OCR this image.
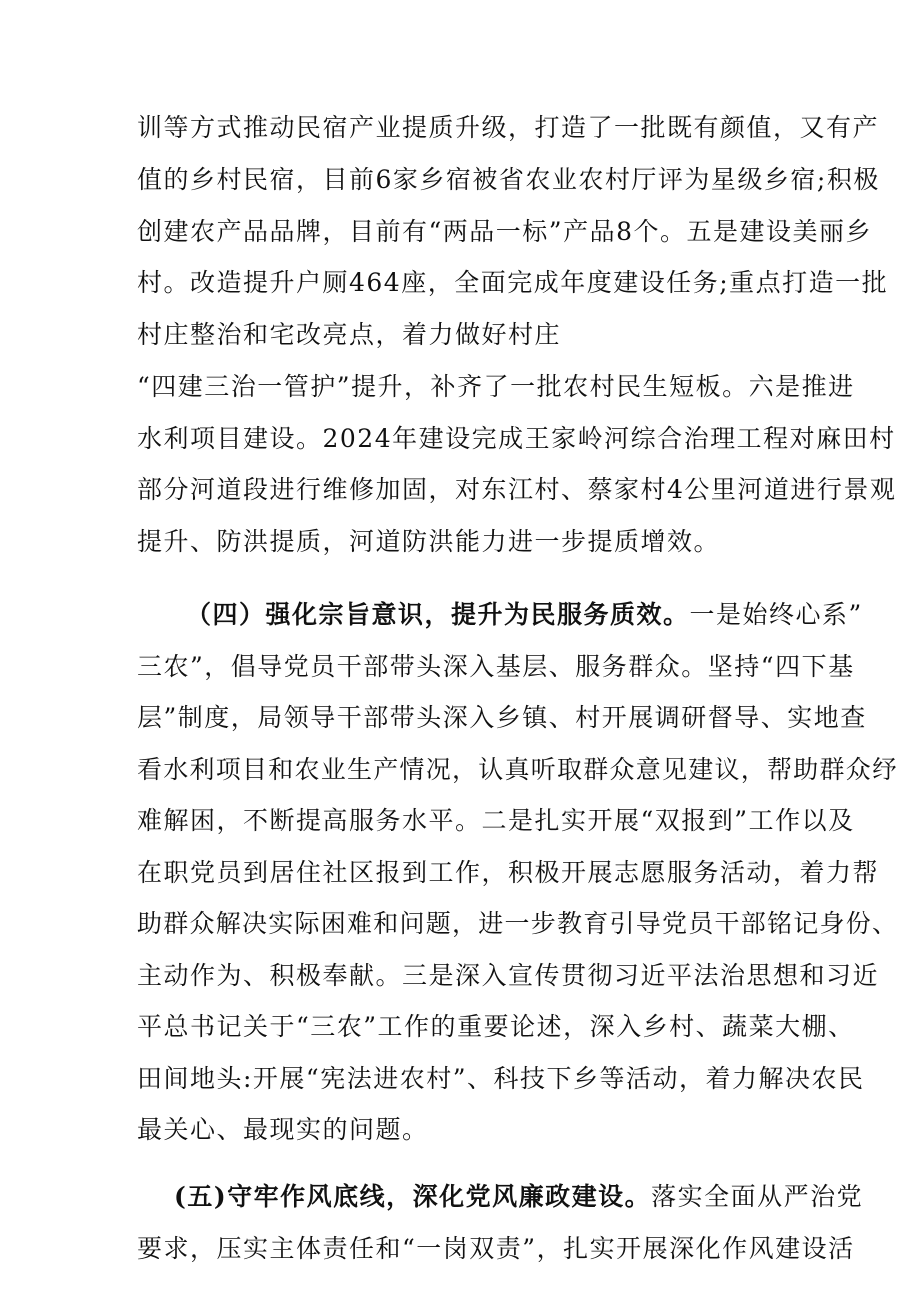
训等方式推动民宿产业提质升级，打造了一批既有颜值，又有产
值的乡村民宿，目前6家乡宿被省农业农村厅评为星级乡宿;积极
创建农产品品牌，目前有“两品一标”产品8个。五是建设美丽乡
村。改造提升户厕464座，全面完成年度建设任务;重点打造一批
村庄整治和宅改亮点，着力做好村庄
“四建三治一管护”提升，补齐了一批农村民生短板。六是推进
水利项目建设。2024年建设完成王家岭河综合治理工程对麻田村
部分河道段进行维修加固，对东江村、蔡家村4公里河道进行景观
提升、防洪提质，河道防洪能力进一步提质增效。
（四）强化宗旨意识，提升为民服务质效。一是始终心系”
三农”，倡导党员干部带头深入基层、服务群众。坚持“四下基
层”制度，局领导干部带头深入乡镇、村开展调研督导、实地查
看水利项目和农业生产情况，认真听取群众意见建议，帮助群众纾
难解困，不断提高服务水平。二是扎实开展“双报到”工作以及
在职党员到居住社区报到工作，积极开展志愿服务活动，着力帮
助群众解决实际困难和问题，进一步教育引导党员干部铭记身份、
主动作为、积极奉献。三是深入宣传贯彻习近平法治思想和习近
平总书记关于“三农”工作的重要论述，深入乡村、蔬菜大棚、
田间地头:开展“宪法进农村”、科技下乡等活动，着力解决农民
最关心、最现实的问题。
(五)守牢作风底线，深化党风廉政建设。落实全面从严治党
要求，压实主体责任和“一岗双责”，扎实开展深化作风建设活
